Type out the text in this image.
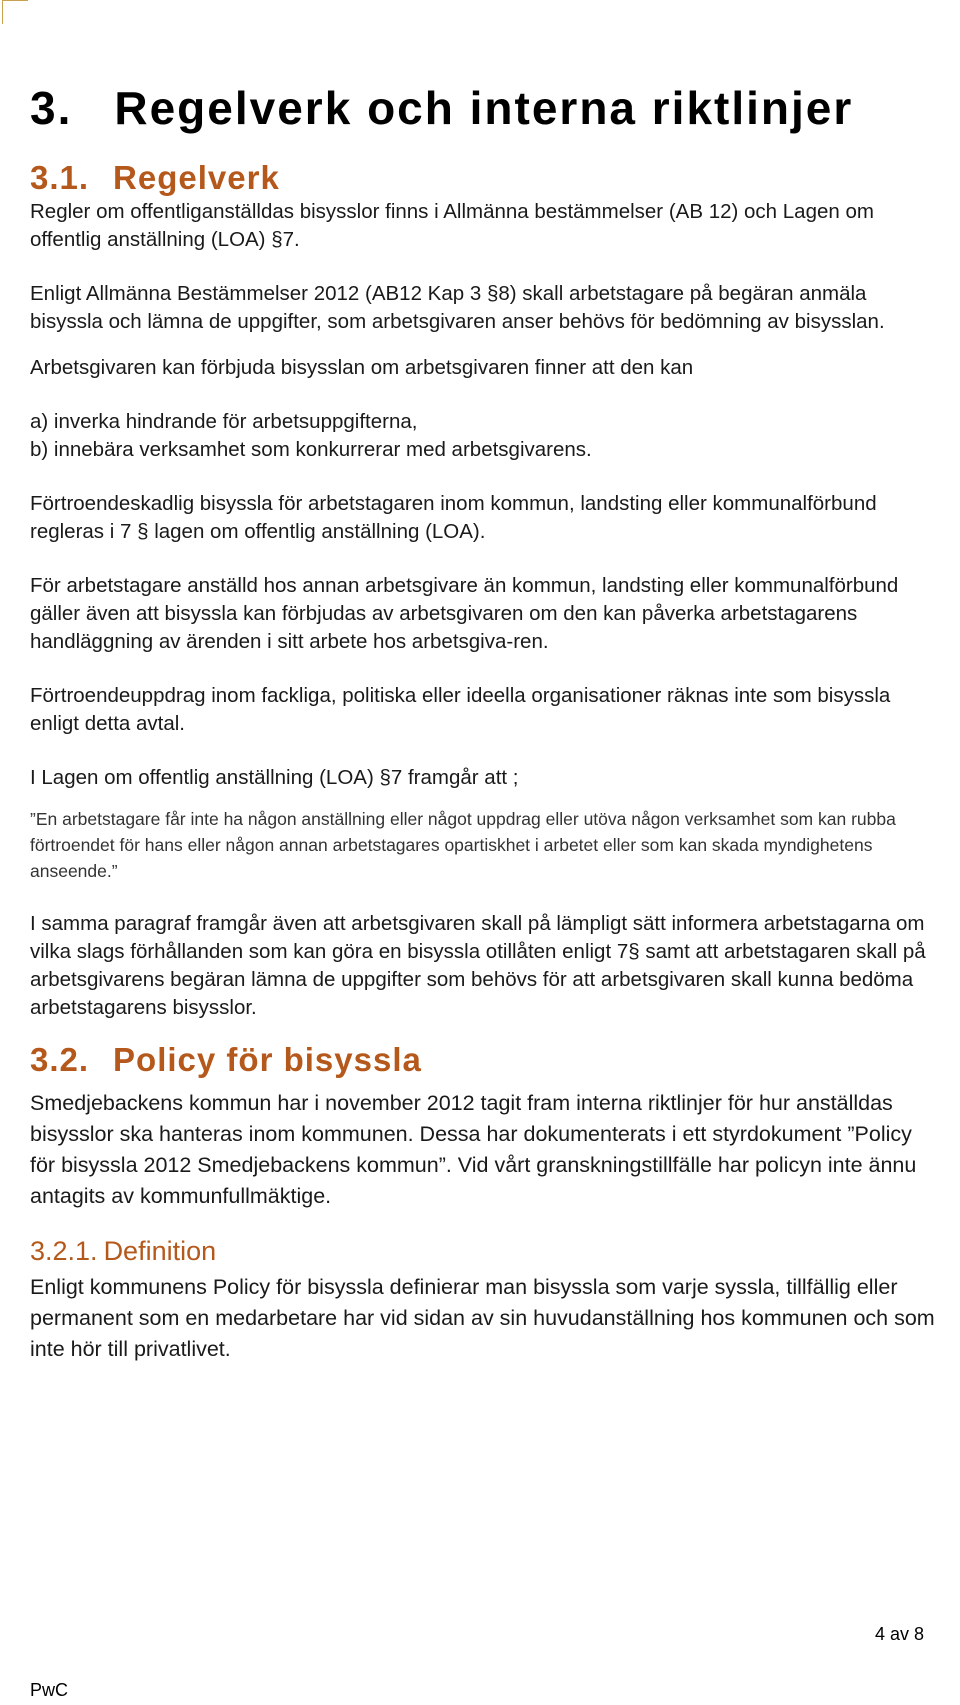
3. Regelverk och interna riktlinjer
3.1. Regelverk

Regler om offentliganställdas bisysslor finns i Allmänna bestämmelser (AB 12) och Lagen om offentlig anställning (LOA) §7.

Enligt Allmänna Bestämmelser 2012 (AB12 Kap 3 §8) skall arbetstagare på begäran anmäla bisyssla och lämna de uppgifter, som arbetsgivaren anser behövs för bedömning av bisysslan.

Arbetsgivaren kan förbjuda bisysslan om arbetsgivaren finner att den kan

a) inverka hindrande för arbetsuppgifterna,

b) innebära verksamhet som konkurrerar med arbetsgivarens.

Förtroendeskadlig bisyssla för arbetstagaren inom kommun, landsting eller kommunalförbund regleras i 7 § lagen om offentlig anställning (LOA).

För arbetstagare anställd hos annan arbetsgivare än kommun, landsting eller kommunalförbund gäller även att bisyssla kan förbjudas av arbetsgivaren om den kan påverka arbetstagarens handläggning av ärenden i sitt arbete hos arbetsgiva-ren.

Förtroendeuppdrag inom fackliga, politiska eller ideella organisationer räknas inte som bisyssla enligt detta avtal.

I Lagen om offentlig anställning (LOA) §7 framgår att ;

”En arbetstagare får inte ha någon anställning eller något uppdrag eller utöva någon verksamhet som kan rubba förtroendet för hans eller någon annan arbetstagares opartiskhet i arbetet eller som kan skada myndighetens anseende.”

I samma paragraf framgår även att arbetsgivaren skall på lämpligt sätt informera arbetstagarna om vilka slags förhållanden som kan göra en bisyssla otillåten enligt 7§ samt att arbetstagaren skall på arbetsgivarens begäran lämna de uppgifter som behövs för att arbetsgivaren skall kunna bedöma arbetstagarens bisysslor.

3.2. Policy för bisyssla

Smedjebackens kommun har i november 2012 tagit fram interna riktlinjer för hur anställdas bisysslor ska hanteras inom kommunen. Dessa har dokumenterats i ett styrdokument ”Policy för bisyssla 2012 Smedjebackens kommun”. Vid vårt granskningstillfälle har policyn inte ännu antagits av kommunfullmäktige.

3.2.1. Definition

Enligt kommunens Policy för bisyssla definierar man bisyssla som varje syssla, tillfällig eller permanent som en medarbetare har vid sidan av sin huvudanställning hos kommunen och som inte hör till privatlivet.

4 av 8
PwC
